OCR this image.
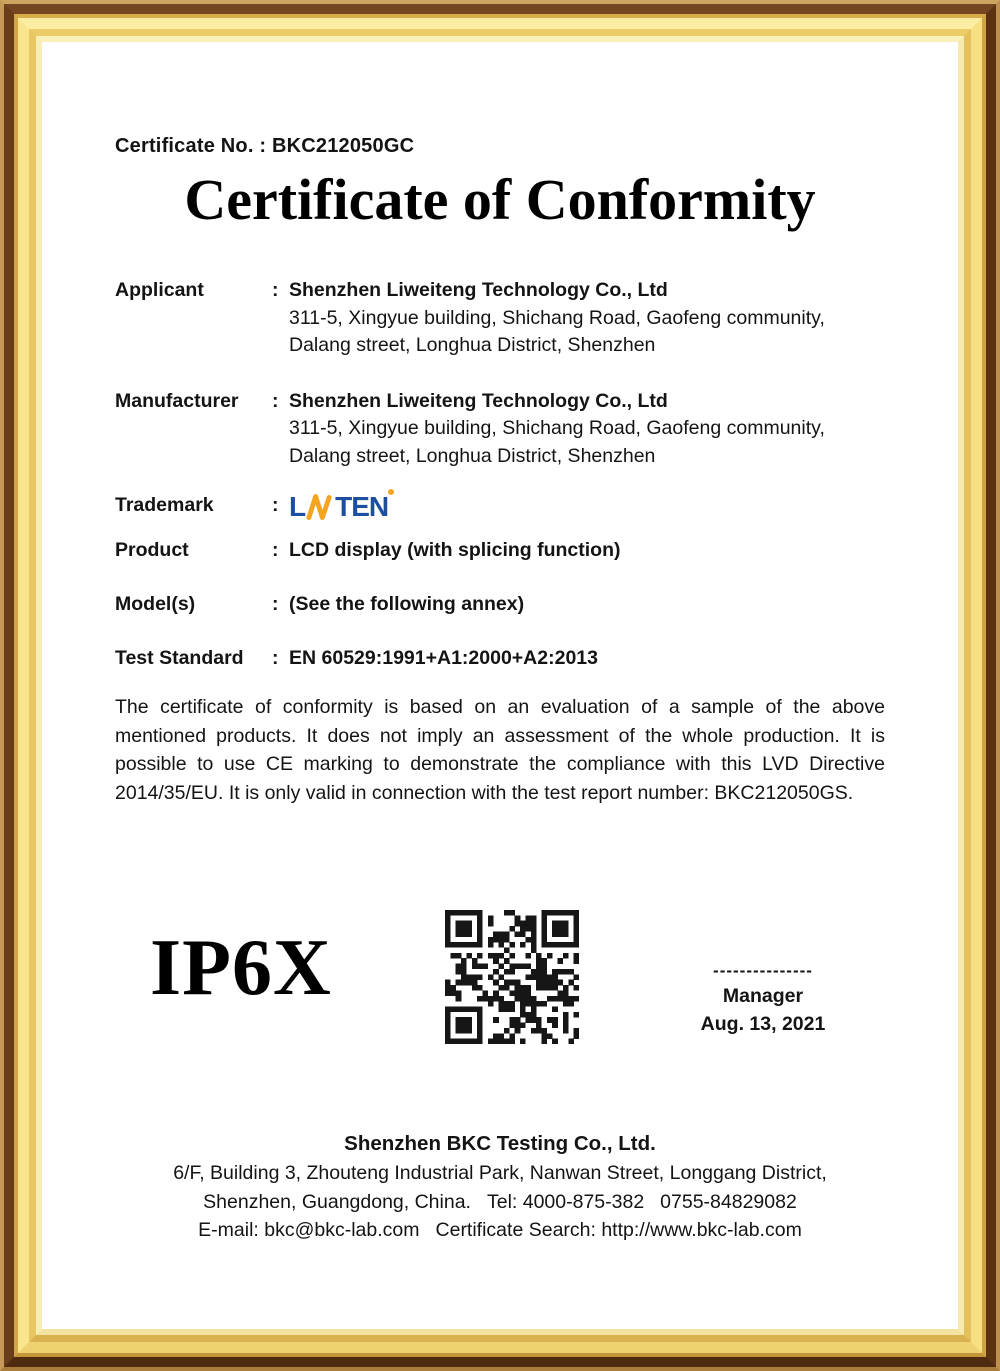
Certificate No. : BKC212050GC
Certificate of Conformity
Applicant	: Shenzhen Liweiteng Technology Co., Ltd
311-5, Xingyue building, Shichang Road, Gaofeng community,
Dalang street, Longhua District, Shenzhen
Manufacturer	: Shenzhen Liweiteng Technology Co., Ltd
311-5, Xingyue building, Shichang Road, Gaofeng community,
Dalang street, Longhua District, Shenzhen
Trademark	: L TEN
Product	: LCD display (with splicing function)
Model(s)	: (See the following annex)
Test Standard	: EN 60529:1991+A1:2000+A2:2013
The certificate of conformity is based on an evaluation of a sample of the above
mentioned products. It does not imply an assessment of the whole production. It is
possible to use CE marking to demonstrate the compliance with this LVD Directive
2014/35/EU. It is only valid in connection with the test report number: BKC212050GS.
IP6X	---------------
Manager
Aug. 13, 2021
Shenzhen BKC Testing Co., Ltd.
6/F, Building 3, Zhouteng Industrial Park, Nanwan Street, Longgang District,
Shenzhen, Guangdong, China. Tel: 4000-875-382 0755-84829082
E-mail: bkc@bkc-lab.com Certificate Search: http://www.bkc-lab.com
